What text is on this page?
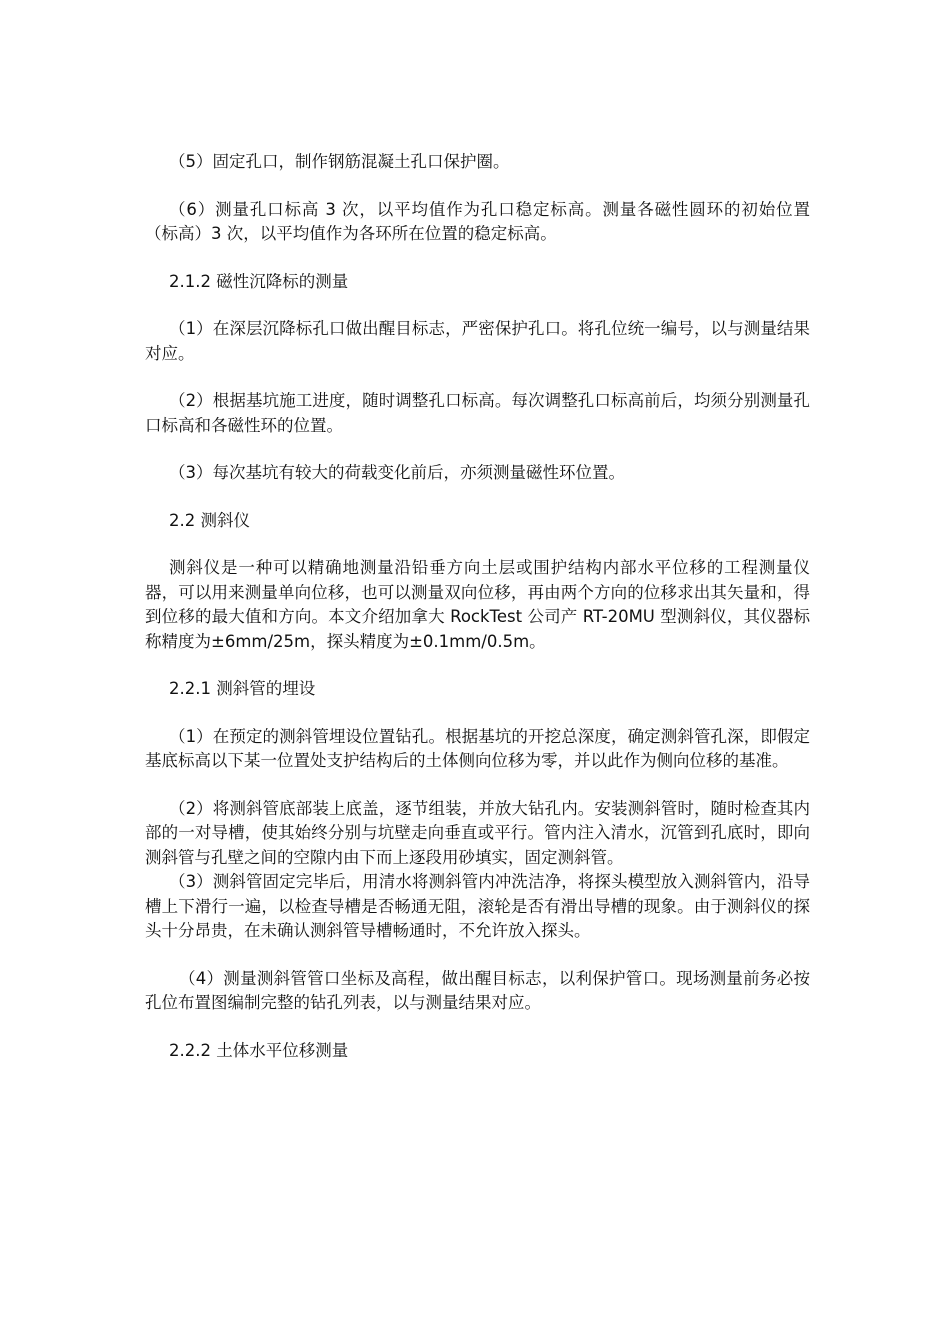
（5）固定孔口，制作钢筋混凝土孔口保护圈。

（6）测量孔口标高 3 次，以平均值作为孔口稳定标高。测量各磁性圆环的初始位置（标高）3 次，以平均值作为各环所在位置的稳定标高。

2.1.2 磁性沉降标的测量

（1）在深层沉降标孔口做出醒目标志，严密保护孔口。将孔位统一编号，以与测量结果对应。

（2）根据基坑施工进度，随时调整孔口标高。每次调整孔口标高前后，均须分别测量孔口标高和各磁性环的位置。

（3）每次基坑有较大的荷载变化前后，亦须测量磁性环位置。

2.2 测斜仪

测斜仪是一种可以精确地测量沿铅垂方向土层或围护结构内部水平位移的工程测量仪器，可以用来测量单向位移，也可以测量双向位移，再由两个方向的位移求出其矢量和，得到位移的最大值和方向。本文介绍加拿大 RockTest 公司产 RT-20MU 型测斜仪，其仪器标称精度为±6mm/25m，探头精度为±0.1mm/0.5m。

2.2.1 测斜管的埋设

（1）在预定的测斜管埋设位置钻孔。根据基坑的开挖总深度，确定测斜管孔深，即假定基底标高以下某一位置处支护结构后的土体侧向位移为零，并以此作为侧向位移的基准。

（2）将测斜管底部装上底盖，逐节组装，并放大钻孔内。安装测斜管时，随时检查其内部的一对导槽，使其始终分别与坑壁走向垂直或平行。管内注入清水，沉管到孔底时，即向测斜管与孔壁之间的空隙内由下而上逐段用砂填实，固定测斜管。

（3）测斜管固定完毕后，用清水将测斜管内冲洗洁净，将探头模型放入测斜管内，沿导槽上下滑行一遍，以检查导槽是否畅通无阻，滚轮是否有滑出导槽的现象。由于测斜仪的探头十分昂贵，在未确认测斜管导槽畅通时，不允许放入探头。

（4）测量测斜管管口坐标及高程，做出醒目标志，以利保护管口。现场测量前务必按孔位布置图编制完整的钻孔列表，以与测量结果对应。

2.2.2 土体水平位移测量
